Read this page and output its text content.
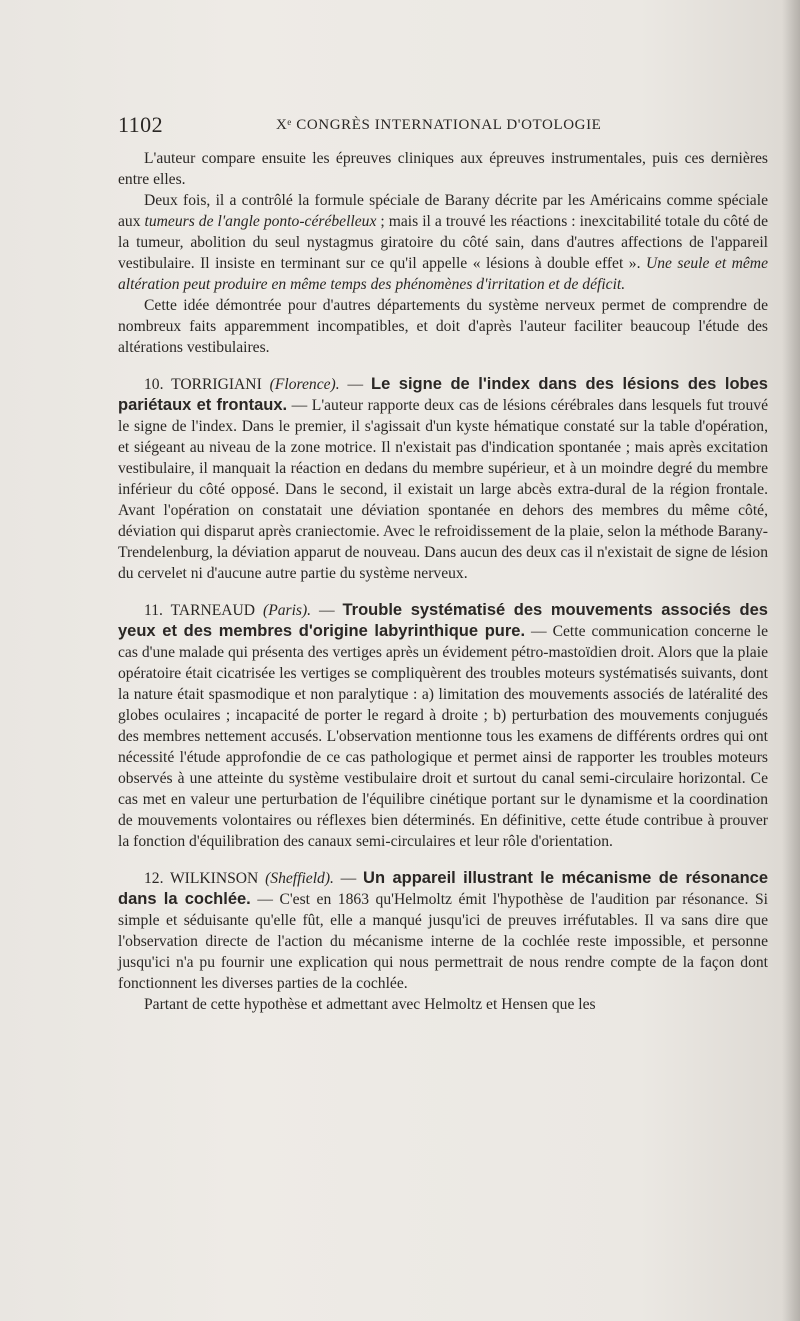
1102	Xᵉ CONGRÈS INTERNATIONAL D'OTOLOGIE

L'auteur compare ensuite les épreuves cliniques aux épreuves instrumentales, puis ces dernières entre elles.

Deux fois, il a contrôlé la formule spéciale de Barany décrite par les Américains comme spéciale aux tumeurs de l'angle ponto-cérébelleux ; mais il a trouvé les réactions : inexcitabilité totale du côté de la tumeur, abolition du seul nystagmus giratoire du côté sain, dans d'autres affections de l'appareil vestibulaire. Il insiste en terminant sur ce qu'il appelle « lésions à double effet ». Une seule et même altération peut produire en même temps des phénomènes d'irritation et de déficit.

Cette idée démontrée pour d'autres départements du système nerveux permet de comprendre de nombreux faits apparemment incompatibles, et doit d'après l'auteur faciliter beaucoup l'étude des altérations vestibulaires.

10. TORRIGIANI (Florence). — Le signe de l'index dans des lésions des lobes pariétaux et frontaux. — L'auteur rapporte deux cas de lésions cérébrales dans lesquels fut trouvé le signe de l'index. Dans le premier, il s'agissait d'un kyste hématique constaté sur la table d'opération, et siégeant au niveau de la zone motrice. Il n'existait pas d'indication spontanée ; mais après excitation vestibulaire, il manquait la réaction en dedans du membre supérieur, et à un moindre degré du membre inférieur du côté opposé. Dans le second, il existait un large abcès extra-dural de la région frontale. Avant l'opération on constatait une déviation spontanée en dehors des membres du même côté, déviation qui disparut après craniectomie. Avec le refroidissement de la plaie, selon la méthode Barany-Trendelenburg, la déviation apparut de nouveau. Dans aucun des deux cas il n'existait de signe de lésion du cervelet ni d'aucune autre partie du système nerveux.

11. TARNEAUD (Paris). — Trouble systématisé des mouvements associés des yeux et des membres d'origine labyrinthique pure. — Cette communication concerne le cas d'une malade qui présenta des vertiges après un évidement pétro-mastoïdien droit. Alors que la plaie opératoire était cicatrisée les vertiges se compliquèrent des troubles moteurs systématisés suivants, dont la nature était spasmodique et non paralytique : a) limitation des mouvements associés de latéralité des globes oculaires ; incapacité de porter le regard à droite ; b) perturbation des mouvements conjugués des membres nettement accusés. L'observation mentionne tous les examens de différents ordres qui ont nécessité l'étude approfondie de ce cas pathologique et permet ainsi de rapporter les troubles moteurs observés à une atteinte du système vestibulaire droit et surtout du canal semi-circulaire horizontal. Ce cas met en valeur une perturbation de l'équilibre cinétique portant sur le dynamisme et la coordination de mouvements volontaires ou réflexes bien déterminés. En définitive, cette étude contribue à prouver la fonction d'équilibration des canaux semi-circulaires et leur rôle d'orientation.

12. WILKINSON (Sheffield). — Un appareil illustrant le mécanisme de résonance dans la cochlée. — C'est en 1863 qu'Helmoltz émit l'hypothèse de l'audition par résonance. Si simple et séduisante qu'elle fût, elle a manqué jusqu'ici de preuves irréfutables. Il va sans dire que l'observation directe de l'action du mécanisme interne de la cochlée reste impossible, et personne jusqu'ici n'a pu fournir une explication qui nous permettrait de nous rendre compte de la façon dont fonctionnent les diverses parties de la cochlée.

Partant de cette hypothèse et admettant avec Helmoltz et Hensen que les
